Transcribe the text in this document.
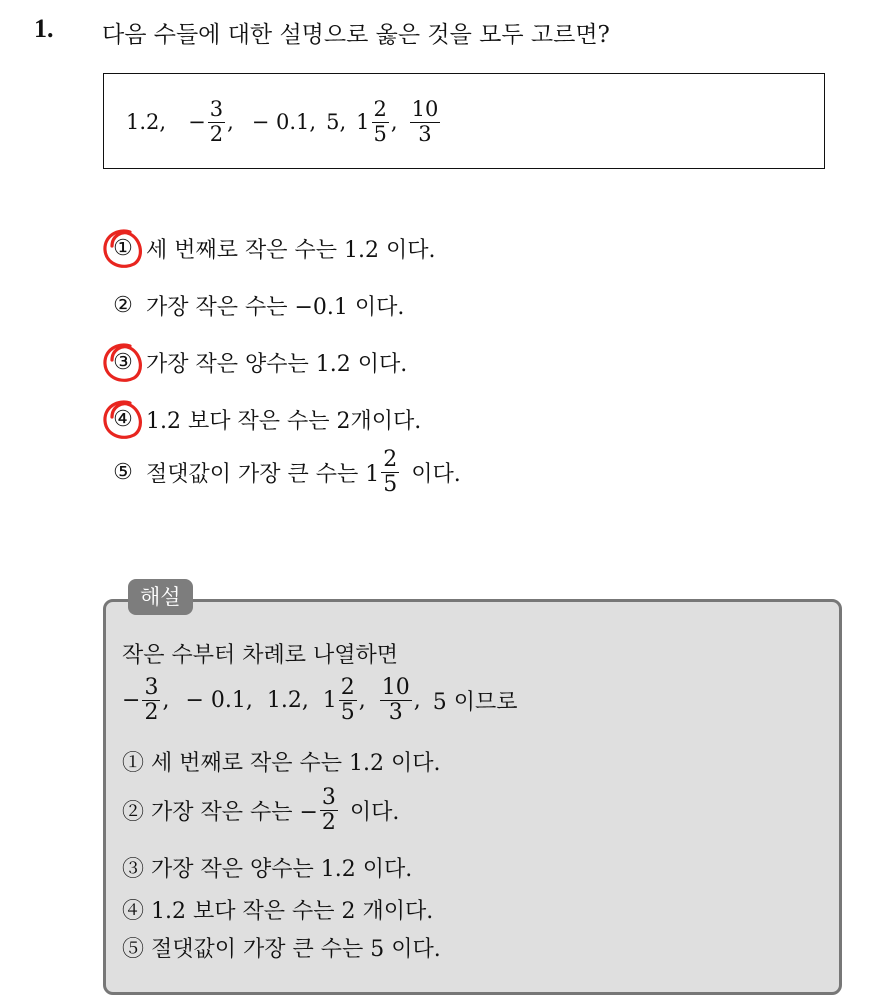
1. 다음 수들에 대한 설명으로 옳은 것을 모두 고르면?
1.2, − $\frac{3}{2}$ , − 0.1, 5, $1 \frac{2}{5}$ , $\frac{10}{3}$
① 세 번째로 작은 수는 1.2 이다.
② 가장 작은 수는 −0.1 이다.
③ 가장 작은 양수는 1.2 이다.
④ 1.2 보다 작은 수는 2개이다.
⑤ 절댓값이 가장 큰 수는 $1 \frac{2}{5}$ 이다.
해설
작은 수부터 차례로 나열하면
− $\frac{3}{2}$ , − 0.1,  1.2,  $1 \frac{2}{5}$ , $\frac{10}{3}$ , 5 이므로
① 세 번째로 작은 수는 1.2 이다.
② 가장 작은 수는 − $\frac{3}{2}$ 이다.
③ 가장 작은 양수는 1.2 이다.
④ 1.2 보다 작은 수는 2 개이다.
⑤ 절댓값이 가장 큰 수는 5 이다.
